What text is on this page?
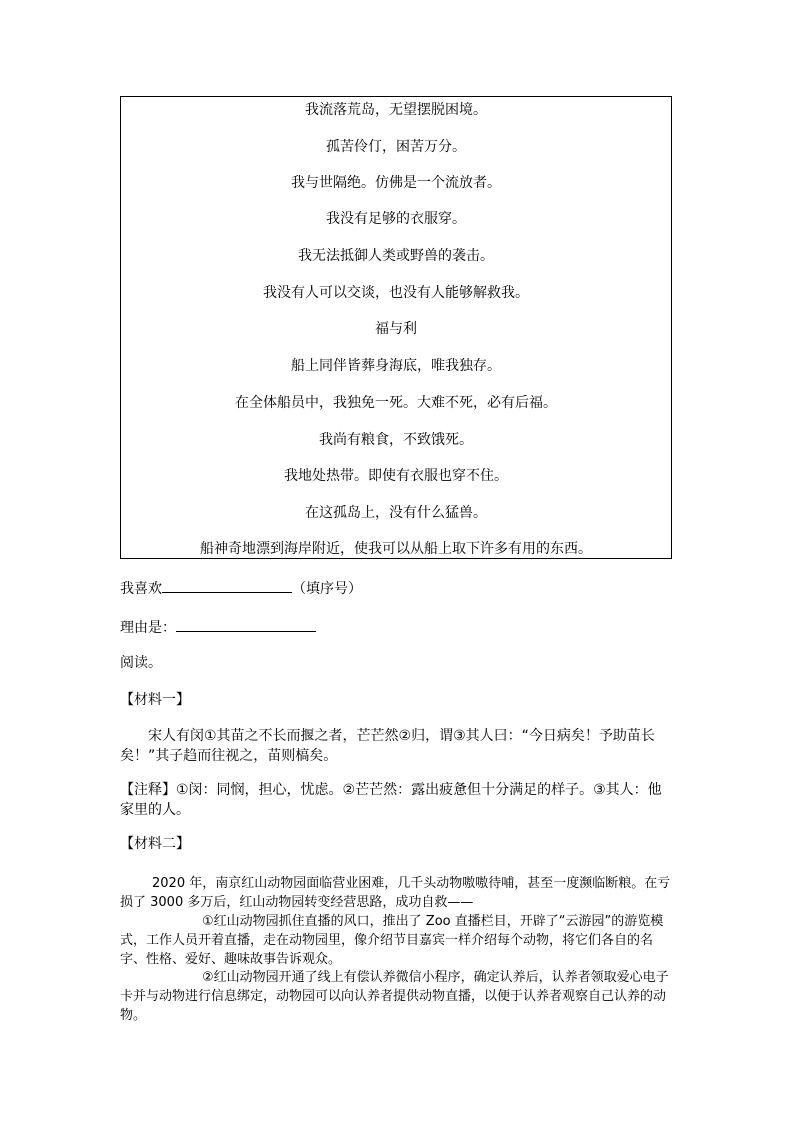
我流落荒岛，无望摆脱困境。
孤苦伶仃，困苦万分。
我与世隔绝。仿佛是一个流放者。
我没有足够的衣服穿。
我无法抵御人类或野兽的袭击。
我没有人可以交谈，也没有人能够解救我。
福与利
船上同伴皆葬身海底，唯我独存。
在全体船员中，我独免一死。大难不死，必有后福。
我尚有粮食，不致饿死。
我地处热带。即使有衣服也穿不住。
在这孤岛上，没有什么猛兽。
船神奇地漂到海岸附近，使我可以从船上取下许多有用的东西。
我喜欢	（填序号）
理由是：
阅读。
【材料一】
宋人有闵①其苗之不长而揠之者，芒芒然②归，谓③其人曰：“今日病矣！予助苗长矣！”其子趋而往视之，苗则槁矣。
【注释】①闵：同悯，担心，忧虑。②芒芒然：露出疲惫但十分满足的样子。③其人：他家里的人。
【材料二】
2020 年，南京红山动物园面临营业困难，几千头动物嗷嗷待哺，甚至一度濒临断粮。在亏损了 3000 多万后，红山动物园转变经营思路，成功自救——
①红山动物园抓住直播的风口，推出了 Zoo 直播栏目，开辟了“云游园”的游览模式，工作人员开着直播，走在动物园里，像介绍节目嘉宾一样介绍每个动物，将它们各自的名字、性格、爱好、趣味故事告诉观众。
②红山动物园开通了线上有偿认养微信小程序，确定认养后，认养者领取爱心电子卡并与动物进行信息绑定，动物园可以向认养者提供动物直播，以便于认养者观察自己认养的动物。
